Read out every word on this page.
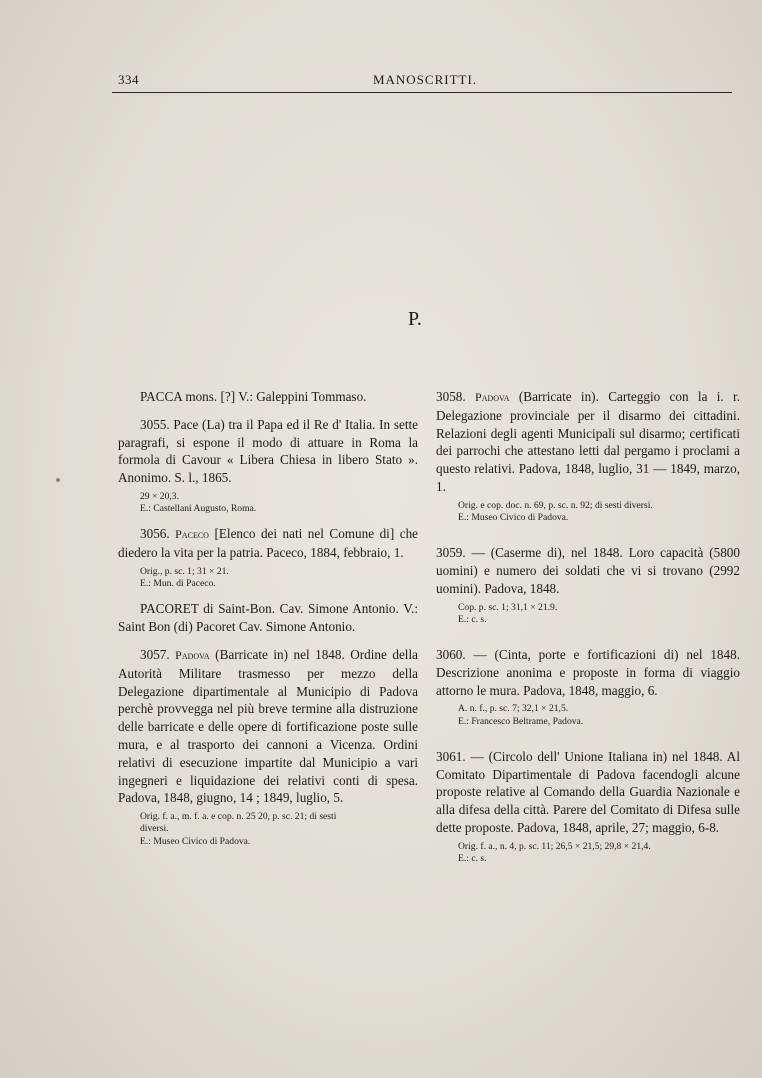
334	MANOSCRITTI.
P.

PACCA mons. [?] V.: Galeppini Tommaso.

3055. Pace (La) tra il Papa ed il Re d' Italia. In sette paragrafi, si espone il modo di attuare in Roma la formola di Cavour « Libera Chiesa in libero Stato ». Anonimo. S. l., 1865.

29 × 20,3.
E.: Castellani Augusto, Roma.

3056. Paceco [Elenco dei nati nel Comune di] che diedero la vita per la patria. Paceco, 1884, febbraio, 1.

Orig., p. sc. 1; 31 × 21.
E.: Mun. di Paceco.

PACORET di Saint-Bon. Cav. Simone Antonio. V.: Saint Bon (di) Pacoret Cav. Simone Antonio.

3057. Padova (Barricate in) nel 1848. Ordine della Autorità Militare trasmesso per mezzo della Delegazione dipartimentale al Municipio di Padova perchè provvegga nel più breve termine alla distruzione delle barricate e delle opere di fortificazione poste sulle mura, e al trasporto dei cannoni a Vicenza. Ordini relativi di esecuzione impartite dal Municipio a vari ingegneri e liquidazione dei relativi conti di spesa. Padova, 1848, giugno, 14 ; 1849, luglio, 5.

Orig. f. a., m. f. a. e cop. n. 25 20, p. sc. 21; di sesti
diversi.
E.: Museo Civico di Padova.

3058. Padova (Barricate in). Carteggio con la i. r. Delegazione provinciale per il disarmo dei cittadini. Relazioni degli agenti Municipali sul disarmo; certificati dei parrochi che attestano letti dal pergamo i proclami a questo relativi. Padova, 1848, luglio, 31 — 1849, marzo, 1.

Orig. e cop. doc. n. 69, p. sc. n. 92; di sesti diversi.
E.: Museo Civico di Padova.

3059. — (Caserme di), nel 1848. Loro capacità (5800 uomini) e numero dei soldati che vi si trovano (2992 uomini). Padova, 1848.

Cop. p. sc. 1; 31,1 × 21.9.
E.: c. s.

3060. — (Cinta, porte e fortificazioni di) nel 1848. Descrizione anonima e proposte in forma di viaggio attorno le mura. Padova, 1848, maggio, 6.

A. n. f., p. sc. 7; 32,1 × 21,5.
E.: Francesco Beltrame, Padova.

3061. — (Circolo dell' Unione Italiana in) nel 1848. Al Comitato Dipartimentale di Padova facendogli alcune proposte relative al Comando della Guardia Nazionale e alla difesa della città. Parere del Comitato di Difesa sulle dette proposte. Padova, 1848, aprile, 27; maggio, 6-8.

Orig. f. a., n. 4, p. sc. 11; 26,5 × 21,5; 29,8 × 21,4.
E.: c. s.
